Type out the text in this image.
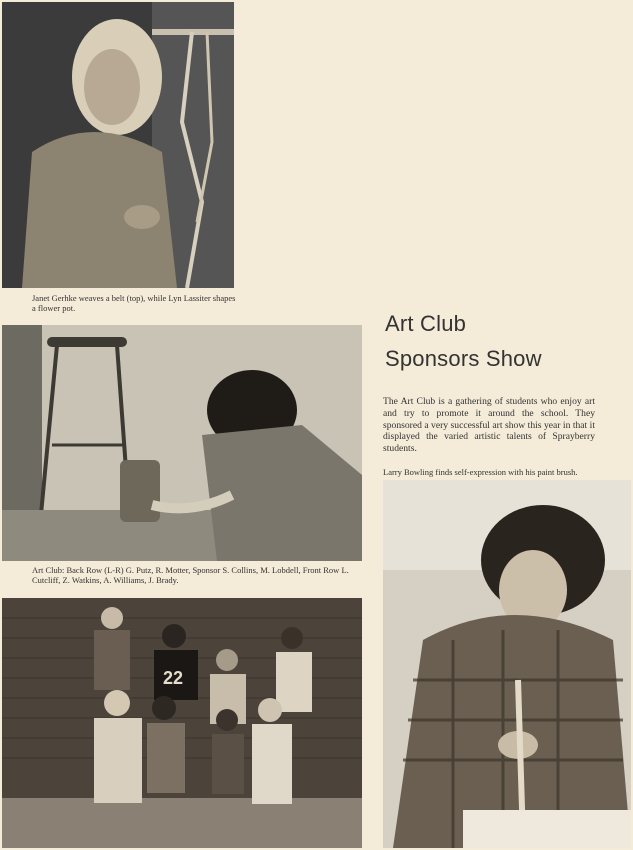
Janet Gerhke weaves a belt (top), while Lyn Lassiter shapes a flower pot.
Art Club: Back Row (L-R) G. Putz, R. Motter, Sponsor S. Collins, M. Lobdell, Front Row L. Cutcliff, Z. Watkins, A. Williams, J. Brady.
22
Art Club
Sponsors Show

The Art Club is a gathering of students who enjoy art and try to promote it around the school. They sponsored a very successful art show this year in that it displayed the varied artistic talents of Sprayberry students.

Larry Bowling finds self-expression with his paint brush.
